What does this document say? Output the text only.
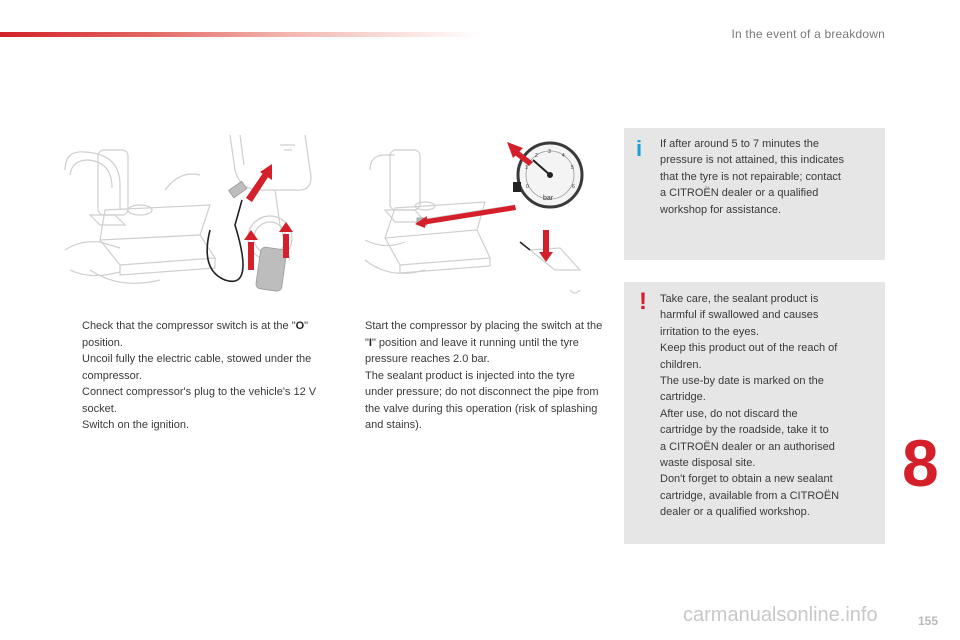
In the event of a breakdown
bar
0
1
2
3
4
5
6
Check that the compressor switch is at the "O" position.
Uncoil fully the electric cable, stowed under the compressor.
Connect compressor's plug to the vehicle's 12 V socket.
Switch on the ignition.
Start the compressor by placing the switch at the "I" position and leave it running until the tyre pressure reaches 2.0 bar.
The sealant product is injected into the tyre under pressure; do not disconnect the pipe from the valve during this operation (risk of splashing and stains).
i If after around 5 to 7 minutes the
pressure is not attained, this indicates
that the tyre is not repairable; contact
a CITROËN dealer or a qualified
workshop for assistance.
! Take care, the sealant product is
harmful if swallowed and causes
irritation to the eyes.
Keep this product out of the reach of
children.
The use-by date is marked on the
cartridge.
After use, do not discard the
cartridge by the roadside, take it to
a CITROËN dealer or an authorised
waste disposal site.
Don't forget to obtain a new sealant
cartridge, available from a CITROËN
dealer or a qualified workshop.
8
carmanualsonline.info	155
